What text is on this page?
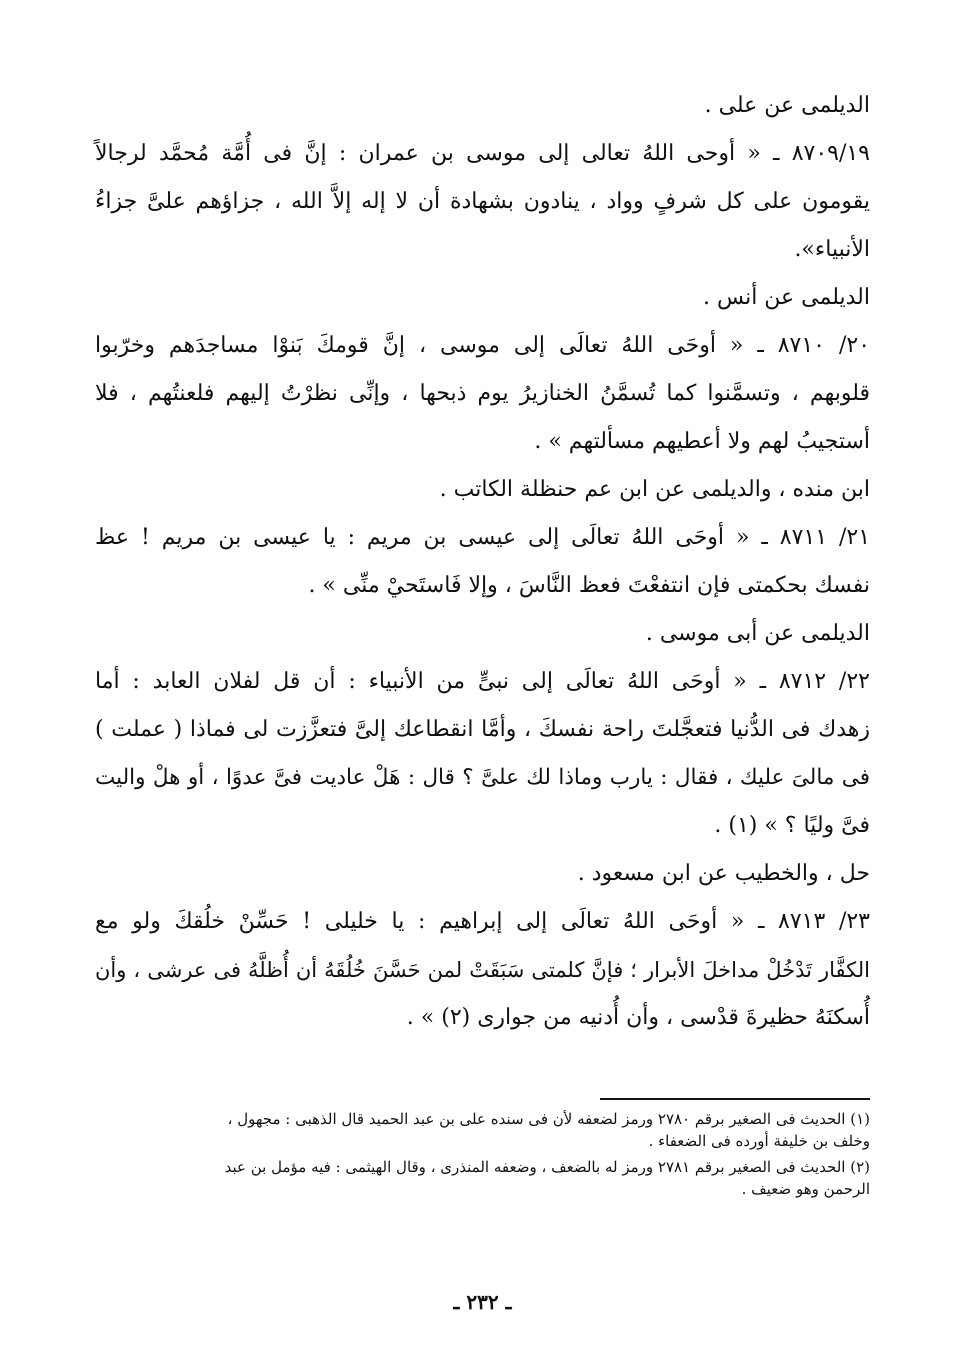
الديلمى عن على .
٨٧٠٩/١٩ ـ « أوحى اللهُ تعالى إلى موسى بن عمران : إنَّ فى أُمَّة مُحمَّد لرجالاً
يقومون على كل شرفٍ وواد ، ينادون بشهادة أن لا إله إلاَّ الله ، جزاؤهم علىَّ جزاءُ
الأنبياء».
الديلمى عن أنس .
٢٠/ ٨٧١٠ ـ « أوحَى اللهُ تعالَى إلى موسى ، إنَّ قومكَ بَنوْا مساجدَهم وخرّبوا
قلوبهم ، وتسمَّنوا كما تُسمَّنُ الخنازيرُ يوم ذبحها ، وإنِّى نظرْتُ إليهم فلعنتُهم ، فلا
أستجيبُ لهم ولا أعطيهم مسألتهم » .
ابن منده ، والديلمى عن ابن عم حنظلة الكاتب .
٢١/ ٨٧١١ ـ « أوحَى اللهُ تعالَى إلى عيسى بن مريم : يا عيسى بن مريم ! عظ
نفسك بحكمتى فإن انتفعْتَ فعظ النَّاسَ ، وإلا فَاستَحيْ منِّى » .
الديلمى عن أبى موسى .
٢٢/ ٨٧١٢ ـ « أوحَى اللهُ تعالَى إلى نبىٍّ من الأنبياء : أن قل لفلان العابد : أما
زهدك فى الدُّنيا فتعجَّلتَ راحة نفسكَ ، وأمَّا انقطاعك إلىَّ فتعزَّزت لى فماذا ( عملت )
فى مالىَ عليك ، فقال : يارب وماذا لك علىَّ ؟ قال : هَلْ عاديت فىَّ عدوًا ، أو هلْ واليت
فىَّ وليًا ؟ » (١) .
حل ، والخطيب عن ابن مسعود .
٢٣/ ٨٧١٣ ـ « أوحَى اللهُ تعالَى إلى إبراهيم : يا خليلى ! حَسِّنْ خلُقكَ ولو مع
الكفَّار تَدْخُلْ مداخلَ الأبرار ؛ فإنَّ كلمتى سَبَقَتْ لمن حَسَّنَ خُلُقَهُ أن أُظلَّهُ فى عرشى ، وأن
أُسكنَهُ حظيرةَ قدْسى ، وأن أُدنيه من جوارى (٢) » .
(١) الحديث فى الصغير برقم ٢٧٨٠ ورمز لضعفه لأن فى سنده على بن عبد الحميد قال الذهبى : مجهول ،
وخلف بن خليفة أورده فى الضعفاء .
(٢) الحديث فى الصغير برقم ٢٧٨١ ورمز له بالضعف ، وضعفه المنذرى ، وقال الهيثمى : فيه مؤمل بن عبد
الرحمن وهو ضعيف .
ـ ٢٣٢ ـ
